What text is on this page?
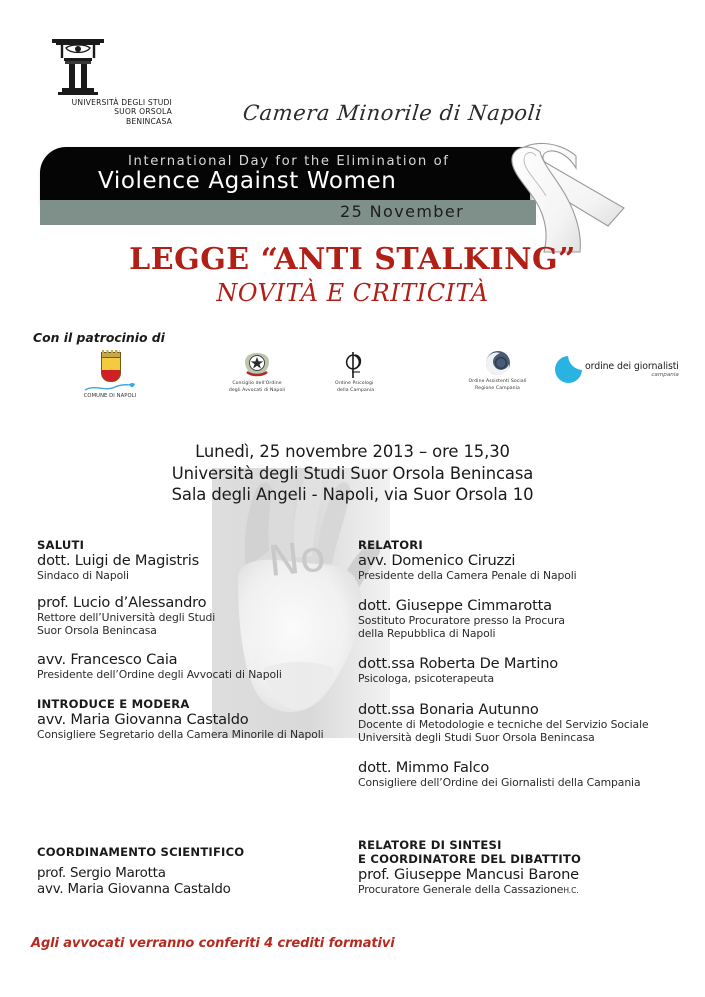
No
UNIVERSITÀ DEGLI STUDI
SUOR ORSOLA
BENINCASA	Camera Minorile di Napoli
International Day for the Elimination of
Violence Against Women
25 November
LEGGE “ANTI STALKING”
NOVITÀ E CRITICITÀ
Con il patrocinio di
COMUNE DI NAPOLI
Consiglio dell'Ordine
degli Avvocati di Napoli
Ordine Psicologi
della Campania
Ordine Assistenti Sociali
Regione Campania
ordine dei giornalisti
campania
Lunedì, 25 novembre 2013 – ore 15,30
Università degli Studi Suor Orsola Benincasa
Sala degli Angeli - Napoli, via Suor Orsola 10
SALUTI
dott. Luigi de Magistris
Sindaco di Napoli
prof. Lucio d’Alessandro
Rettore dell’Università degli Studi
Suor Orsola Benincasa
avv. Francesco Caia
Presidente dell’Ordine degli Avvocati di Napoli
INTRODUCE E MODERA
avv. Maria Giovanna Castaldo
Consigliere Segretario della Camera Minorile di Napoli
RELATORI
avv. Domenico Ciruzzi
Presidente della Camera Penale di Napoli
dott. Giuseppe Cimmarotta
Sostituto Procuratore presso la Procura
della Repubblica di Napoli
dott.ssa Roberta De Martino
Psicologa, psicoterapeuta
dott.ssa Bonaria Autunno
Docente di Metodologie e tecniche del Servizio Sociale
Università degli Studi Suor Orsola Benincasa
dott. Mimmo Falco
Consigliere dell’Ordine dei Giornalisti della Campania
COORDINAMENTO SCIENTIFICO
prof. Sergio Marotta
avv. Maria Giovanna Castaldo
RELATORE DI SINTESI
E COORDINATORE DEL DIBATTITO
prof. Giuseppe Mancusi Barone
Procuratore Generale della CassazioneH.C.
Agli avvocati verranno conferiti 4 crediti formativi
